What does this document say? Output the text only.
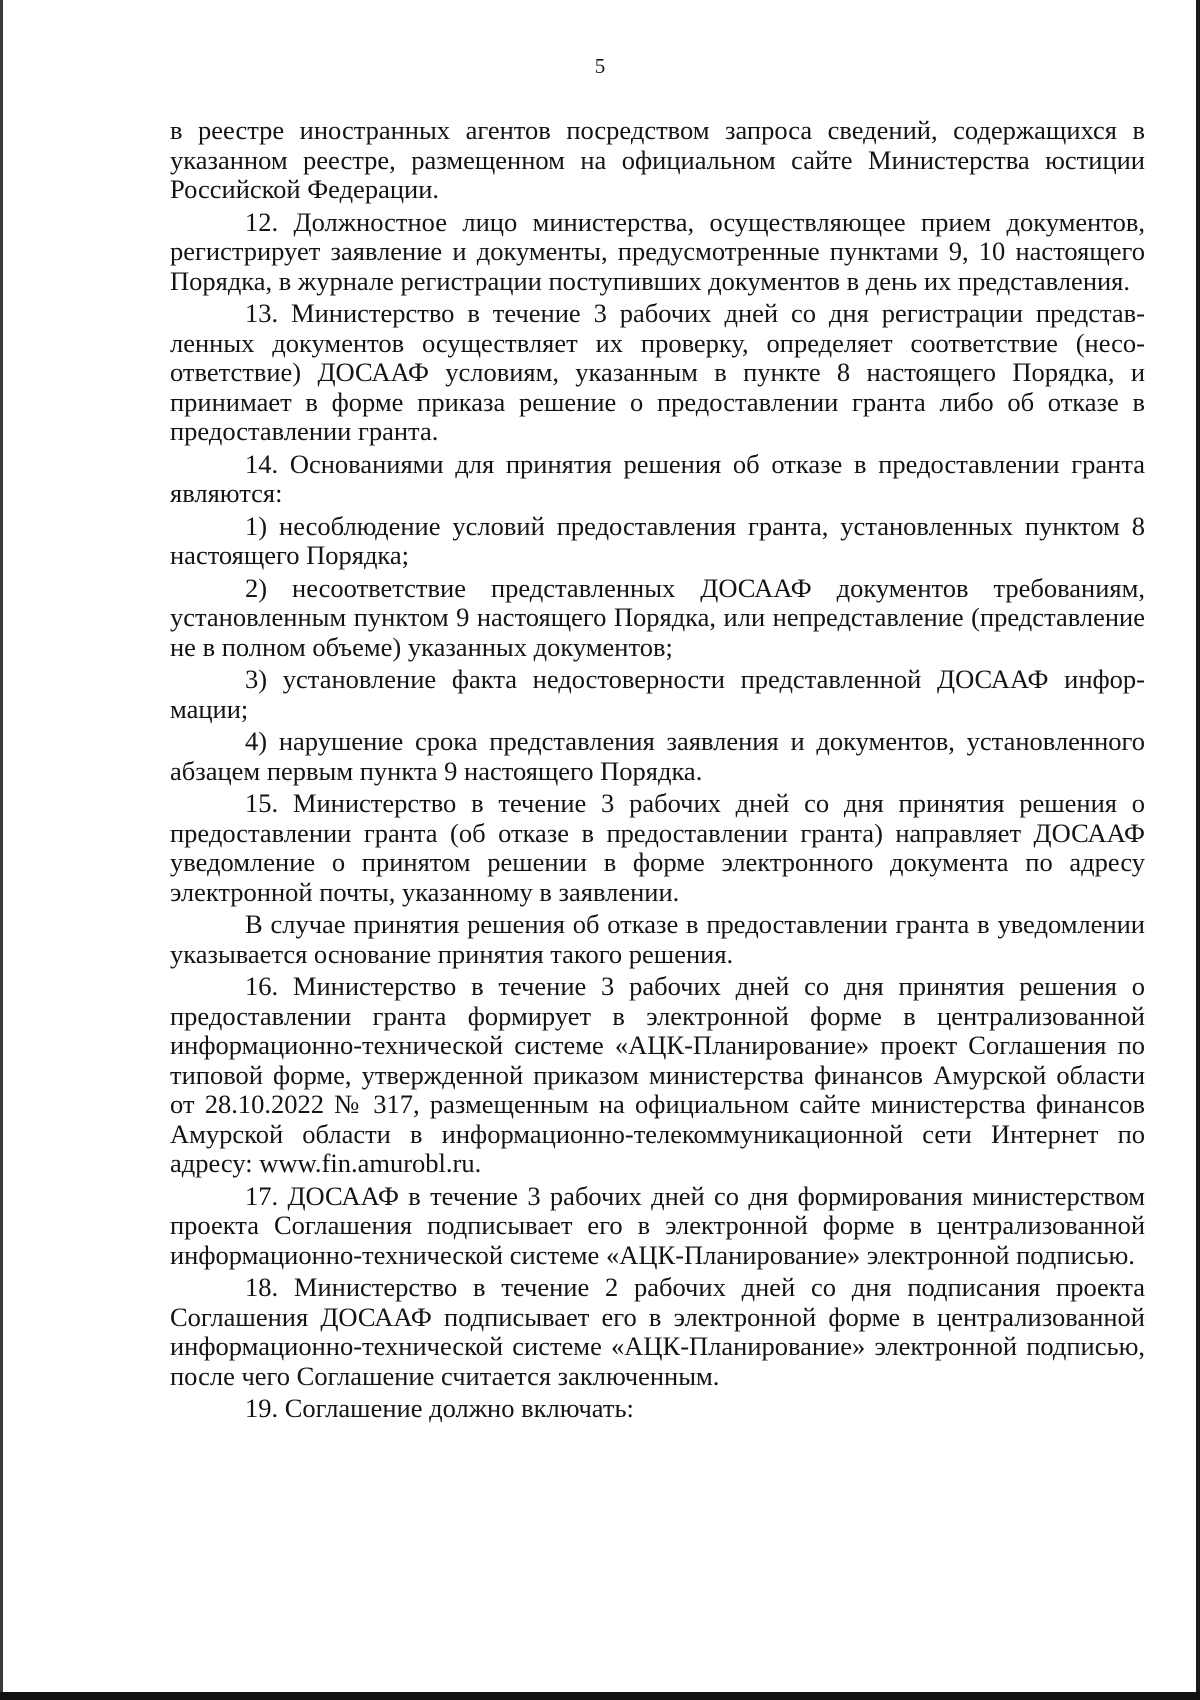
5

в реестре иностранных агентов посредством запроса сведений, содержащихся в указанном реестре, размещенном на официальном сайте Министерства юстиции Российской Федерации.

12. Должностное лицо министерства, осуществляющее прием документов, регистрирует заявление и документы, предусмотренные пунктами 9, 10 настоящего Порядка, в журнале регистрации поступивших документов в день их представления.

13. Министерство в течение 3 рабочих дней со дня регистрации представленных документов осуществляет их проверку, определяет соответствие (несоответствие) ДОСААФ условиям, указанным в пункте 8 настоящего Порядка, и принимает в форме приказа решение о предоставлении гранта либо об отказе в предоставлении гранта.

14. Основаниями для принятия решения об отказе в предоставлении гранта являются:

1) несоблюдение условий предоставления гранта, установленных пунктом 8 настоящего Порядка;

2) несоответствие представленных ДОСААФ документов требованиям, установленным пунктом 9 настоящего Порядка, или непредставление (представление не в полном объеме) указанных документов;

3) установление факта недостоверности представленной ДОСААФ информации;

4) нарушение срока представления заявления и документов, установленного абзацем первым пункта 9 настоящего Порядка.

15. Министерство в течение 3 рабочих дней со дня принятия решения о предоставлении гранта (об отказе в предоставлении гранта) направляет ДОСААФ уведомление о принятом решении в форме электронного документа по адресу электронной почты, указанному в заявлении.

В случае принятия решения об отказе в предоставлении гранта в уведомлении указывается основание принятия такого решения.

16. Министерство в течение 3 рабочих дней со дня принятия решения о предоставлении гранта формирует в электронной форме в централизованной информационно-технической системе «АЦК-Планирование» проект Соглашения по типовой форме, утвержденной приказом министерства финансов Амурской области от 28.10.2022 № 317, размещенным на официальном сайте министерства финансов Амурской области в информационно-телекоммуникационной сети Интернет по адресу: www.fin.amurobl.ru.

17. ДОСААФ в течение 3 рабочих дней со дня формирования министерством проекта Соглашения подписывает его в электронной форме в централизованной информационно-технической системе «АЦК-Планирование» электронной подписью.

18. Министерство в течение 2 рабочих дней со дня подписания проекта Соглашения ДОСААФ подписывает его в электронной форме в централизованной информационно-технической системе «АЦК-Планирование» электронной подписью, после чего Соглашение считается заключенным.

19. Соглашение должно включать:
